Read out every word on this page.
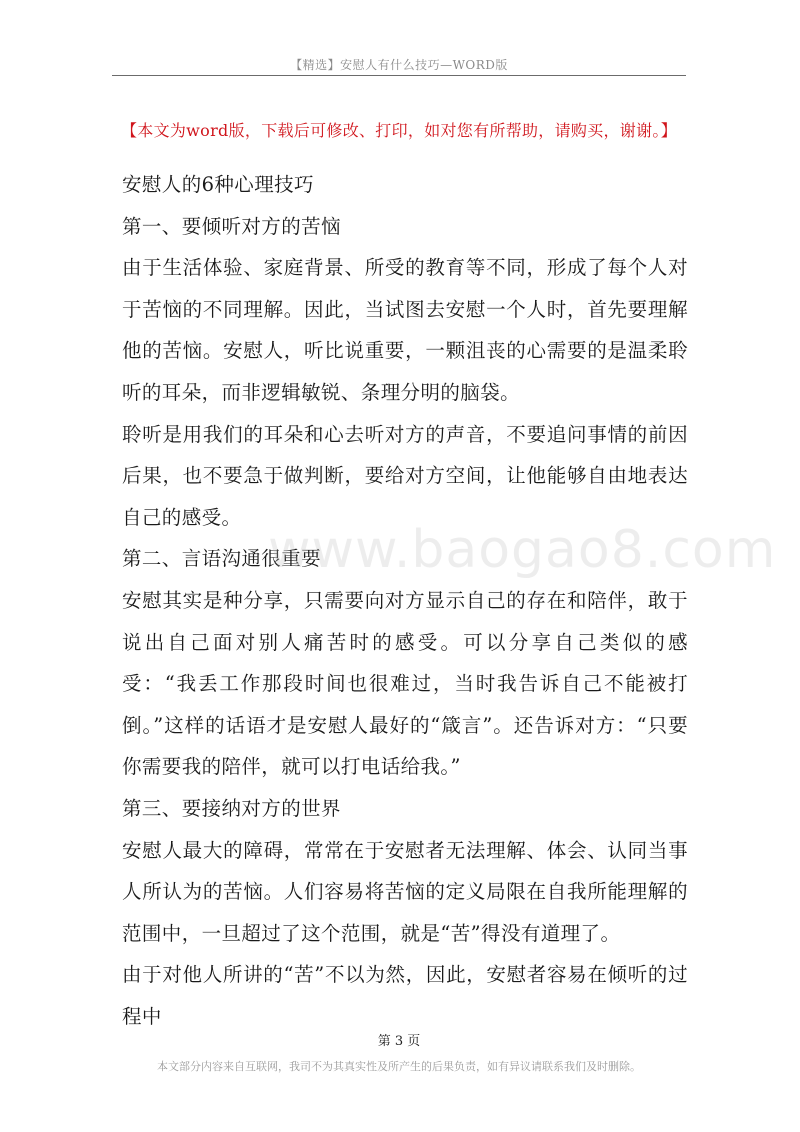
【精选】安慰人有什么技巧—WORD版
【本文为word版，下载后可修改、打印，如对您有所帮助，请购买，谢谢。】

安慰人的6种心理技巧

第一、要倾听对方的苦恼

由于生活体验、家庭背景、所受的教育等不同，形成了每个人对于苦恼的不同理解。因此，当试图去安慰一个人时，首先要理解他的苦恼。安慰人，听比说重要，一颗沮丧的心需要的是温柔聆听的耳朵，而非逻辑敏锐、条理分明的脑袋。

聆听是用我们的耳朵和心去听对方的声音，不要追问事情的前因后果，也不要急于做判断，要给对方空间，让他能够自由地表达自己的感受。

第二、言语沟通很重要

安慰其实是种分享，只需要向对方显示自己的存在和陪伴，敢于说出自己面对别人痛苦时的感受。可以分享自己类似的感受：“我丢工作那段时间也很难过，当时我告诉自己不能被打倒。”这样的话语才是安慰人最好的“箴言”。还告诉对方：“只要你需要我的陪伴，就可以打电话给我。”

第三、要接纳对方的世界

安慰人最大的障碍，常常在于安慰者无法理解、体会、认同当事人所认为的苦恼。人们容易将苦恼的定义局限在自我所能理解的范围中，一旦超过了这个范围，就是“苦”得没有道理了。

由于对他人所讲的“苦”不以为然，因此，安慰者容易在倾听的过程中

www.baogao8.com
第 3 页
本文部分内容来自互联网，我司不为其真实性及所产生的后果负责，如有异议请联系我们及时删除。
